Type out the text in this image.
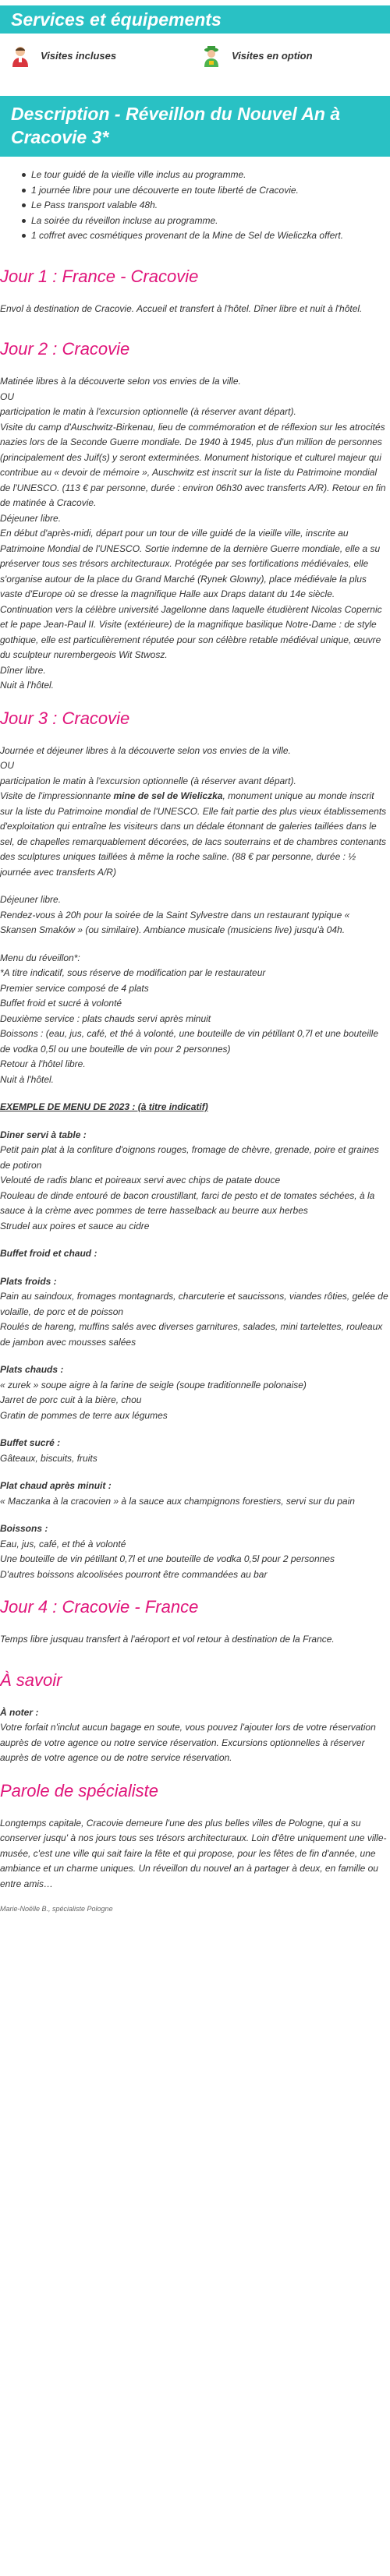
Services et équipements
Visites incluses	Visites en option
Description - Réveillon du Nouvel An à Cracovie 3*
Le tour guidé de la vieille ville inclus au programme.
1 journée libre pour une découverte en toute liberté de Cracovie.
Le Pass transport valable 48h.
La soirée du réveillon incluse au programme.
1 coffret avec cosmétiques provenant de la Mine de Sel de Wieliczka offert.
Jour 1 : France - Cracovie

Envol à destination de Cracovie. Accueil et transfert à l'hôtel. Dîner libre et nuit à l'hôtel.

Jour 2 : Cracovie
Matinée libres à la découverte selon vos envies de la ville.
OU
participation le matin à l'excursion optionnelle (à réserver avant départ).
Visite du camp d'Auschwitz-Birkenau, lieu de commémoration et de réflexion sur les atrocités nazies lors de la Seconde Guerre mondiale. De 1940 à 1945, plus d'un million de personnes (principalement des Juif(s) y seront exterminées. Monument historique et culturel majeur qui contribue au « devoir de mémoire », Auschwitz est inscrit sur la liste du Patrimoine mondial de l'UNESCO. (113 € par personne, durée : environ 06h30 avec transferts A/R). Retour en fin de matinée à Cracovie.
Déjeuner libre.
En début d'après-midi, départ pour un tour de ville guidé de la vieille ville, inscrite au Patrimoine Mondial de l'UNESCO. Sortie indemne de la dernière Guerre mondiale, elle a su préserver tous ses trésors architecturaux. Protégée par ses fortifications médiévales, elle s'organise autour de la place du Grand Marché (Rynek Glowny), place médiévale la plus vaste d'Europe où se dresse la magnifique Halle aux Draps datant du 14e siècle.
Continuation vers la célèbre université Jagellonne dans laquelle étudièrent Nicolas Copernic et le pape Jean-Paul II. Visite (extérieure) de la magnifique basilique Notre-Dame : de style gothique, elle est particulièrement réputée pour son célèbre retable médiéval unique, œuvre du sculpteur nurembergeois Wit Stwosz.
Dîner libre.
Nuit à l'hôtel.
Jour 3 : Cracovie
Journée et déjeuner libres à la découverte selon vos envies de la ville.
OU
participation le matin à l'excursion optionnelle (à réserver avant départ).
Visite de l'impressionnante mine de sel de Wieliczka, monument unique au monde inscrit sur la liste du Patrimoine mondial de l'UNESCO. Elle fait partie des plus vieux établissements d'exploitation qui entraîne les visiteurs dans un dédale étonnant de galeries taillées dans le sel, de chapelles remarquablement décorées, de lacs souterrains et de chambres contenants des sculptures uniques taillées à même la roche saline. (88 € par personne, durée : ½ journée avec transferts A/R)
Déjeuner libre.
Rendez-vous à 20h pour la soirée de la Saint Sylvestre dans un restaurant typique « Skansen Smaków » (ou similaire). Ambiance musicale (musiciens live) jusqu'à 04h.
Menu du réveillon*:
*A titre indicatif, sous réserve de modification par le restaurateur
Premier service composé de 4 plats
Buffet froid et sucré à volonté
Deuxième service : plats chauds servi après minuit
Boissons : (eau, jus, café, et thé à volonté, une bouteille de vin pétillant 0,7l et une bouteille de vodka 0,5l ou une bouteille de vin pour 2 personnes)
Retour à l'hôtel libre.
Nuit à l'hôtel.
EXEMPLE DE MENU DE 2023 : (à titre indicatif)
Diner servi à table :
Petit pain plat à la confiture d'oignons rouges, fromage de chèvre, grenade, poire et graines de potiron
Velouté de radis blanc et poireaux servi avec chips de patate douce
Rouleau de dinde entouré de bacon croustillant, farci de pesto et de tomates séchées, à la sauce à la crème avec pommes de terre hasselback au beurre aux herbes
Strudel aux poires et sauce au cidre
Buffet froid et chaud :
Plats froids :
Pain au saindoux, fromages montagnards, charcuterie et saucissons, viandes rôties, gelée de volaille, de porc et de poisson
Roulés de hareng, muffins salés avec diverses garnitures, salades, mini tartelettes, rouleaux de jambon avec mousses salées
Plats chauds :
« zurek » soupe aigre à la farine de seigle (soupe traditionnelle polonaise)
Jarret de porc cuit à la bière, chou
Gratin de pommes de terre aux légumes
Buffet sucré :
Gâteaux, biscuits, fruits
Plat chaud après minuit :
« Maczanka à la cracovien » à la sauce aux champignons forestiers, servi sur du pain
Boissons :
Eau, jus, café, et thé à volonté
Une bouteille de vin pétillant 0,7l et une bouteille de vodka 0,5l pour 2 personnes
D'autres boissons alcoolisées pourront être commandées au bar
Jour 4 : Cracovie - France

Temps libre jusquau transfert à l'aéroport et vol retour à destination de la France.

À savoir
À noter :
Votre forfait n'inclut aucun bagage en soute, vous pouvez l'ajouter lors de votre réservation auprès de votre agence ou notre service réservation. Excursions optionnelles à réserver auprès de votre agence ou de notre service réservation.
Parole de spécialiste
Longtemps capitale, Cracovie demeure l'une des plus belles villes de Pologne, qui a su conserver jusqu' à nos jours tous ses trésors architecturaux. Loin d'être uniquement une ville-musée, c'est une ville qui sait faire la fête et qui propose, pour les fêtes de fin d'année, une ambiance et un charme uniques. Un réveillon du nouvel an à partager à deux, en famille ou entre amis…
Marie-Noëlle B., spécialiste Pologne
